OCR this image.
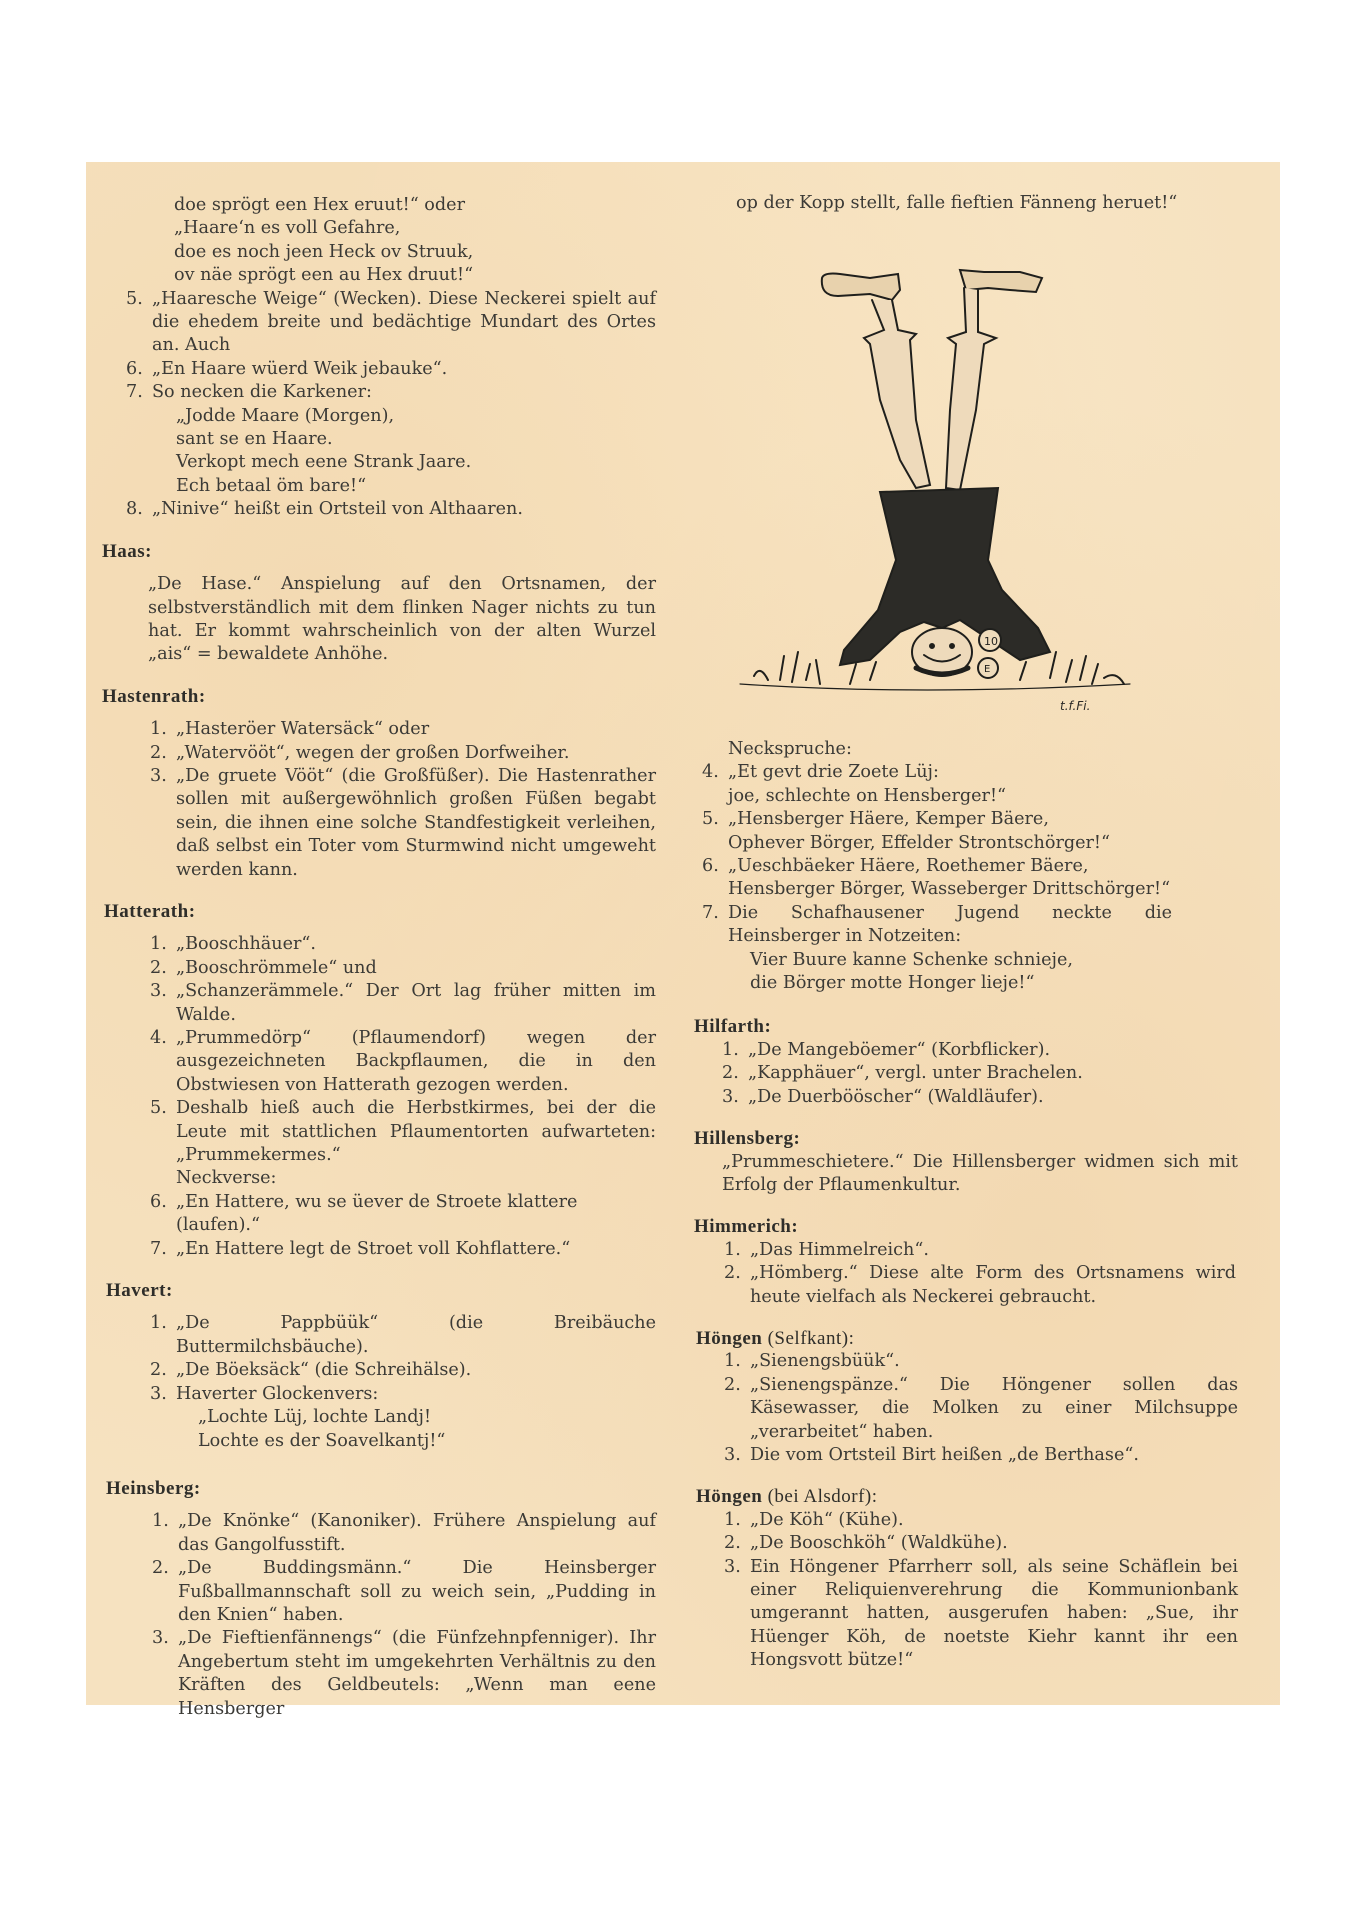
doe sprögt een Hex eruut!“ oder
„Haare‘n es voll Gefahre,
doe es noch jeen Heck ov Struuk,
ov näe sprögt een au Hex druut!“
5. „Haaresche Weige“ (Wecken). Diese Neckerei spielt auf die ehedem breite und bedächtige Mundart des Ortes an. Auch
6. „En Haare wüerd Weik jebauke“.
7. So necken die Karkener:
„Jodde Maare (Morgen),
sant se en Haare.
Verkopt mech eene Strank Jaare.
Ech betaal öm bare!“
8. „Ninive“ heißt ein Ortsteil von Althaaren.
Haas:
„De Hase.“ Anspielung auf den Ortsnamen, der selbstverständlich mit dem flinken Nager nichts zu tun hat. Er kommt wahrscheinlich von der alten Wurzel „ais“ = bewaldete Anhöhe.
Hastenrath:
1. „Hasteröer Watersäck“ oder
2. „Watervööt“, wegen der großen Dorfweiher.
3. „De gruete Vööt“ (die Großfüßer). Die Hastenrather sollen mit außergewöhnlich großen Füßen begabt sein, die ihnen eine solche Standfestigkeit verleihen, daß selbst ein Toter vom Sturmwind nicht umgeweht werden kann.
Hatterath:
1. „Booschhäuer“.
2. „Booschrömmele“ und
3. „Schanzerämmele.“ Der Ort lag früher mitten im Walde.
4. „Prummedörp“ (Pflaumendorf) wegen der ausgezeichneten Backpflaumen, die in den Obstwiesen von Hatterath gezogen werden.
5. Deshalb hieß auch die Herbstkirmes, bei der die Leute mit stattlichen Pflaumentorten aufwarteten: „Prummekermes.“
Neckverse:
6. „En Hattere, wu se üever de Stroete klattere (laufen).“
7. „En Hattere legt de Stroet voll Kohflattere.“
Havert:
1. „De Pappbüük“ (die Breibäuche Buttermilchsbäuche).
2. „De Böeksäck“ (die Schreihälse).
3. Haverter Glockenvers:
„Lochte Lüj, lochte Landj!
Lochte es der Soavelkantj!“
Heinsberg:
1. „De Knönke“ (Kanoniker). Frühere Anspielung auf das Gangolfusstift.
2. „De Buddingsmänn.“ Die Heinsberger Fußballmannschaft soll zu weich sein, „Pudding in den Knien“ haben.
3. „De Fieftienfännengs“ (die Fünfzehnpfenniger). Ihr Angebertum steht im umgekehrten Verhältnis zu den Kräften des Geldbeutels: „Wenn man eene Hensberger
op der Kopp stellt, falle fieftien Fänneng heruet!“
10
E
t.f.Fi.
Neckspruche:
4. „Et gevt drie Zoete Lüj:
joe, schlechte on Hensberger!“
5. „Hensberger Häere, Kemper Bäere,
Ophever Börger, Effelder Strontschörger!“
6. „Ueschbäeker Häere, Roethemer Bäere,
Hensberger Börger, Wasseberger Drittschörger!“
7. Die Schafhausener Jugend neckte die Heinsberger in Notzeiten:
Vier Buure kanne Schenke schnieje,
die Börger motte Honger lieje!“
Hilfarth:
1. „De Mangeböemer“ (Korbflicker).
2. „Kapphäuer“, vergl. unter Brachelen.
3. „De Duerbööscher“ (Waldläufer).
Hillensberg:
„Prummeschietere.“ Die Hillensberger widmen sich mit Erfolg der Pflaumenkultur.
Himmerich:
1. „Das Himmelreich“.
2. „Hömberg.“ Diese alte Form des Ortsnamens wird heute vielfach als Neckerei gebraucht.
Höngen (Selfkant):
1. „Sienengsbüük“.
2. „Sienengspänze.“ Die Höngener sollen das Käsewasser, die Molken zu einer Milchsuppe „verarbeitet“ haben.
3. Die vom Ortsteil Birt heißen „de Berthase“.
Höngen (bei Alsdorf):
1. „De Köh“ (Kühe).
2. „De Booschköh“ (Waldkühe).
3. Ein Höngener Pfarrherr soll, als seine Schäflein bei einer Reliquienverehrung die Kommunionbank umgerannt hatten, ausgerufen haben: „Sue, ihr Hüenger Köh, de noetste Kiehr kannt ihr een Hongsvott bütze!“
